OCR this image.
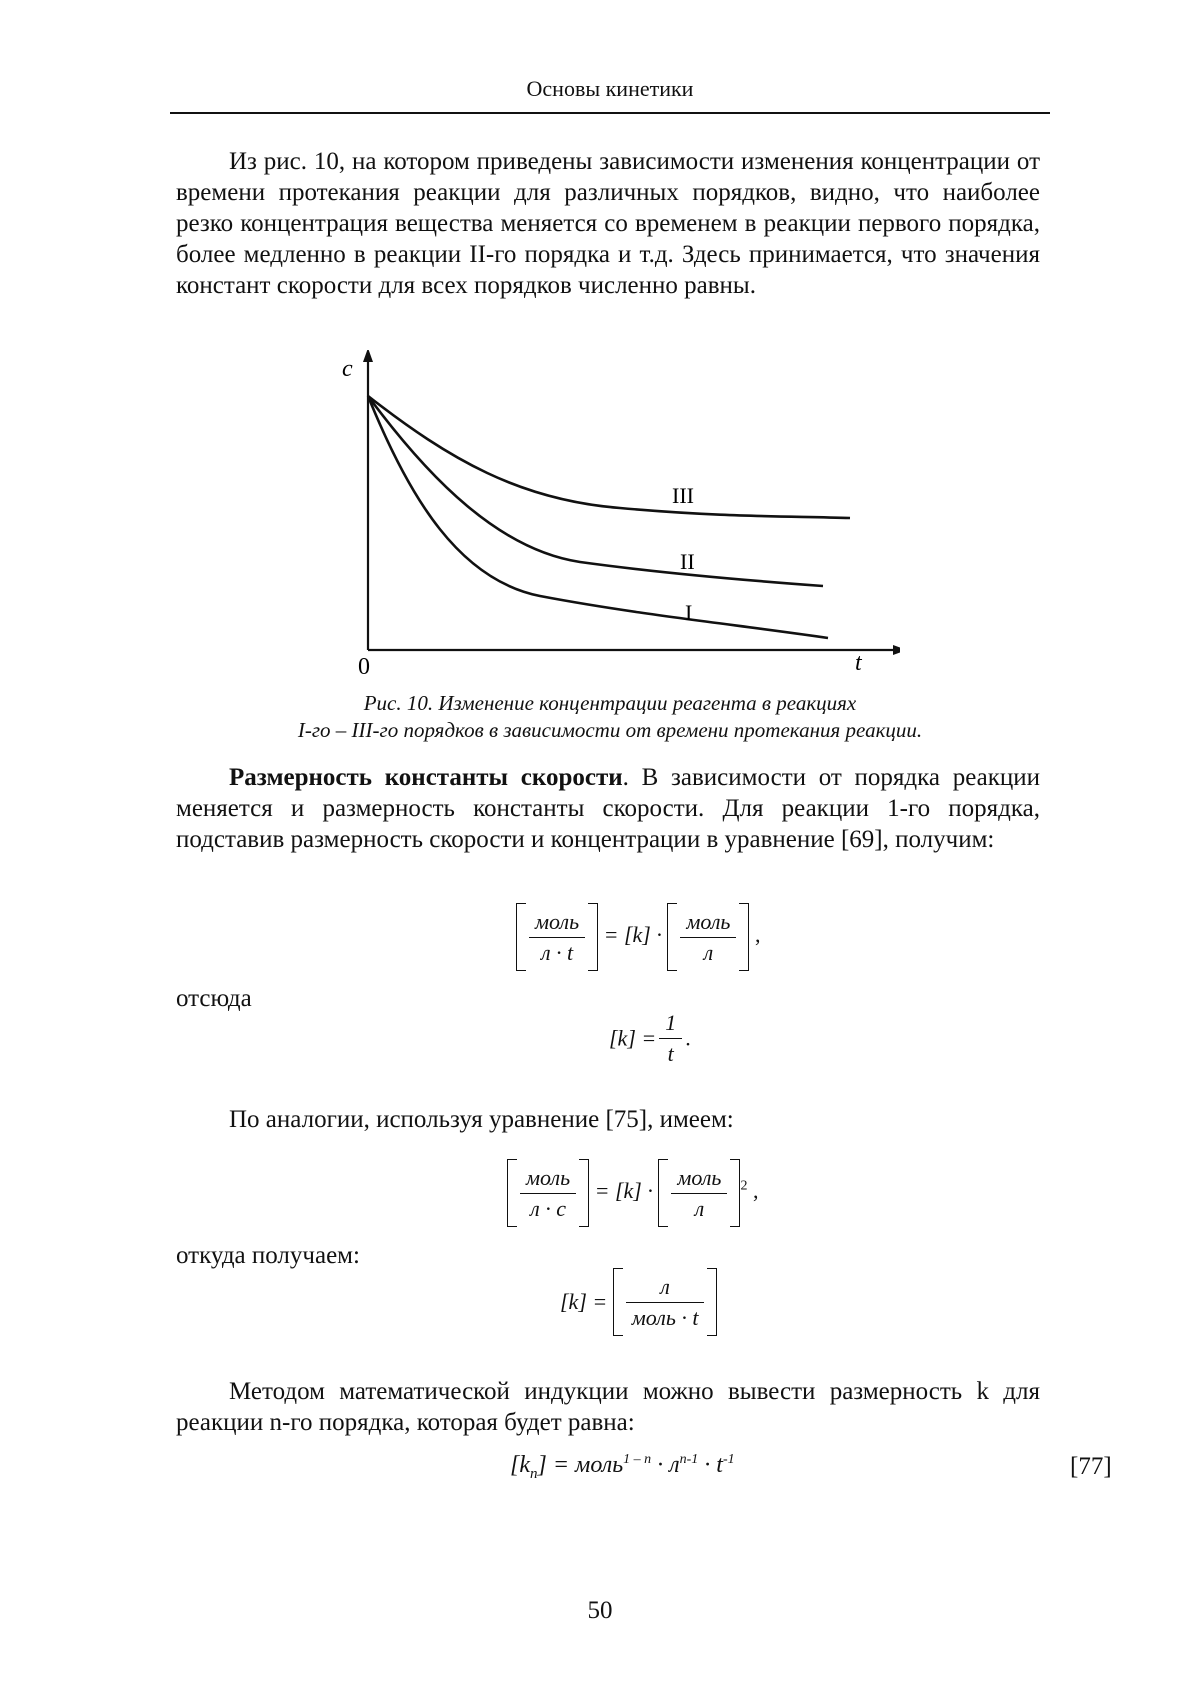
Основы кинетики
Из рис. 10, на котором приведены зависимости изменения концентрации от времени протекания реакции для различных порядков, видно, что наиболее резко концентрация вещества меняется со временем в реакции первого порядка, более медленно в реакции II-го порядка и т.д. Здесь принимается, что значения констант скорости для всех порядков численно равны.
c
t
0
III
II
I
Рис. 10. Изменение концентрации реагента в реакциях
I-го – III-го порядков в зависимости от времени протекания реакции.
Размерность константы скорости. В зависимости от порядка реакции меняется и размерность константы скорости. Для реакции 1-го порядка, подставив размерность скорости и концентрации в уравнение [69], получим:
$\frac{\text{моль}}{л \cdot t} = [k] \cdot \frac{\text{моль}}{л}$ ,
отсюда
$[k] = \frac{1}{t}$ .
По аналогии, используя уравнение [75], имеем:
$\frac{\text{моль}}{л \cdot с} = [k] \cdot \frac{\text{моль}}{л} ^2$ ,
откуда получаем:
$[k] = \frac{л}{\text{моль · t}}$
Методом математической индукции можно вывести размерность k для реакции n-го порядка, которая будет равна:
$[k_n]$ = моль$^{1 - n}$ · $л^{n-1} \cdot t^{-1}$	[77]
50
